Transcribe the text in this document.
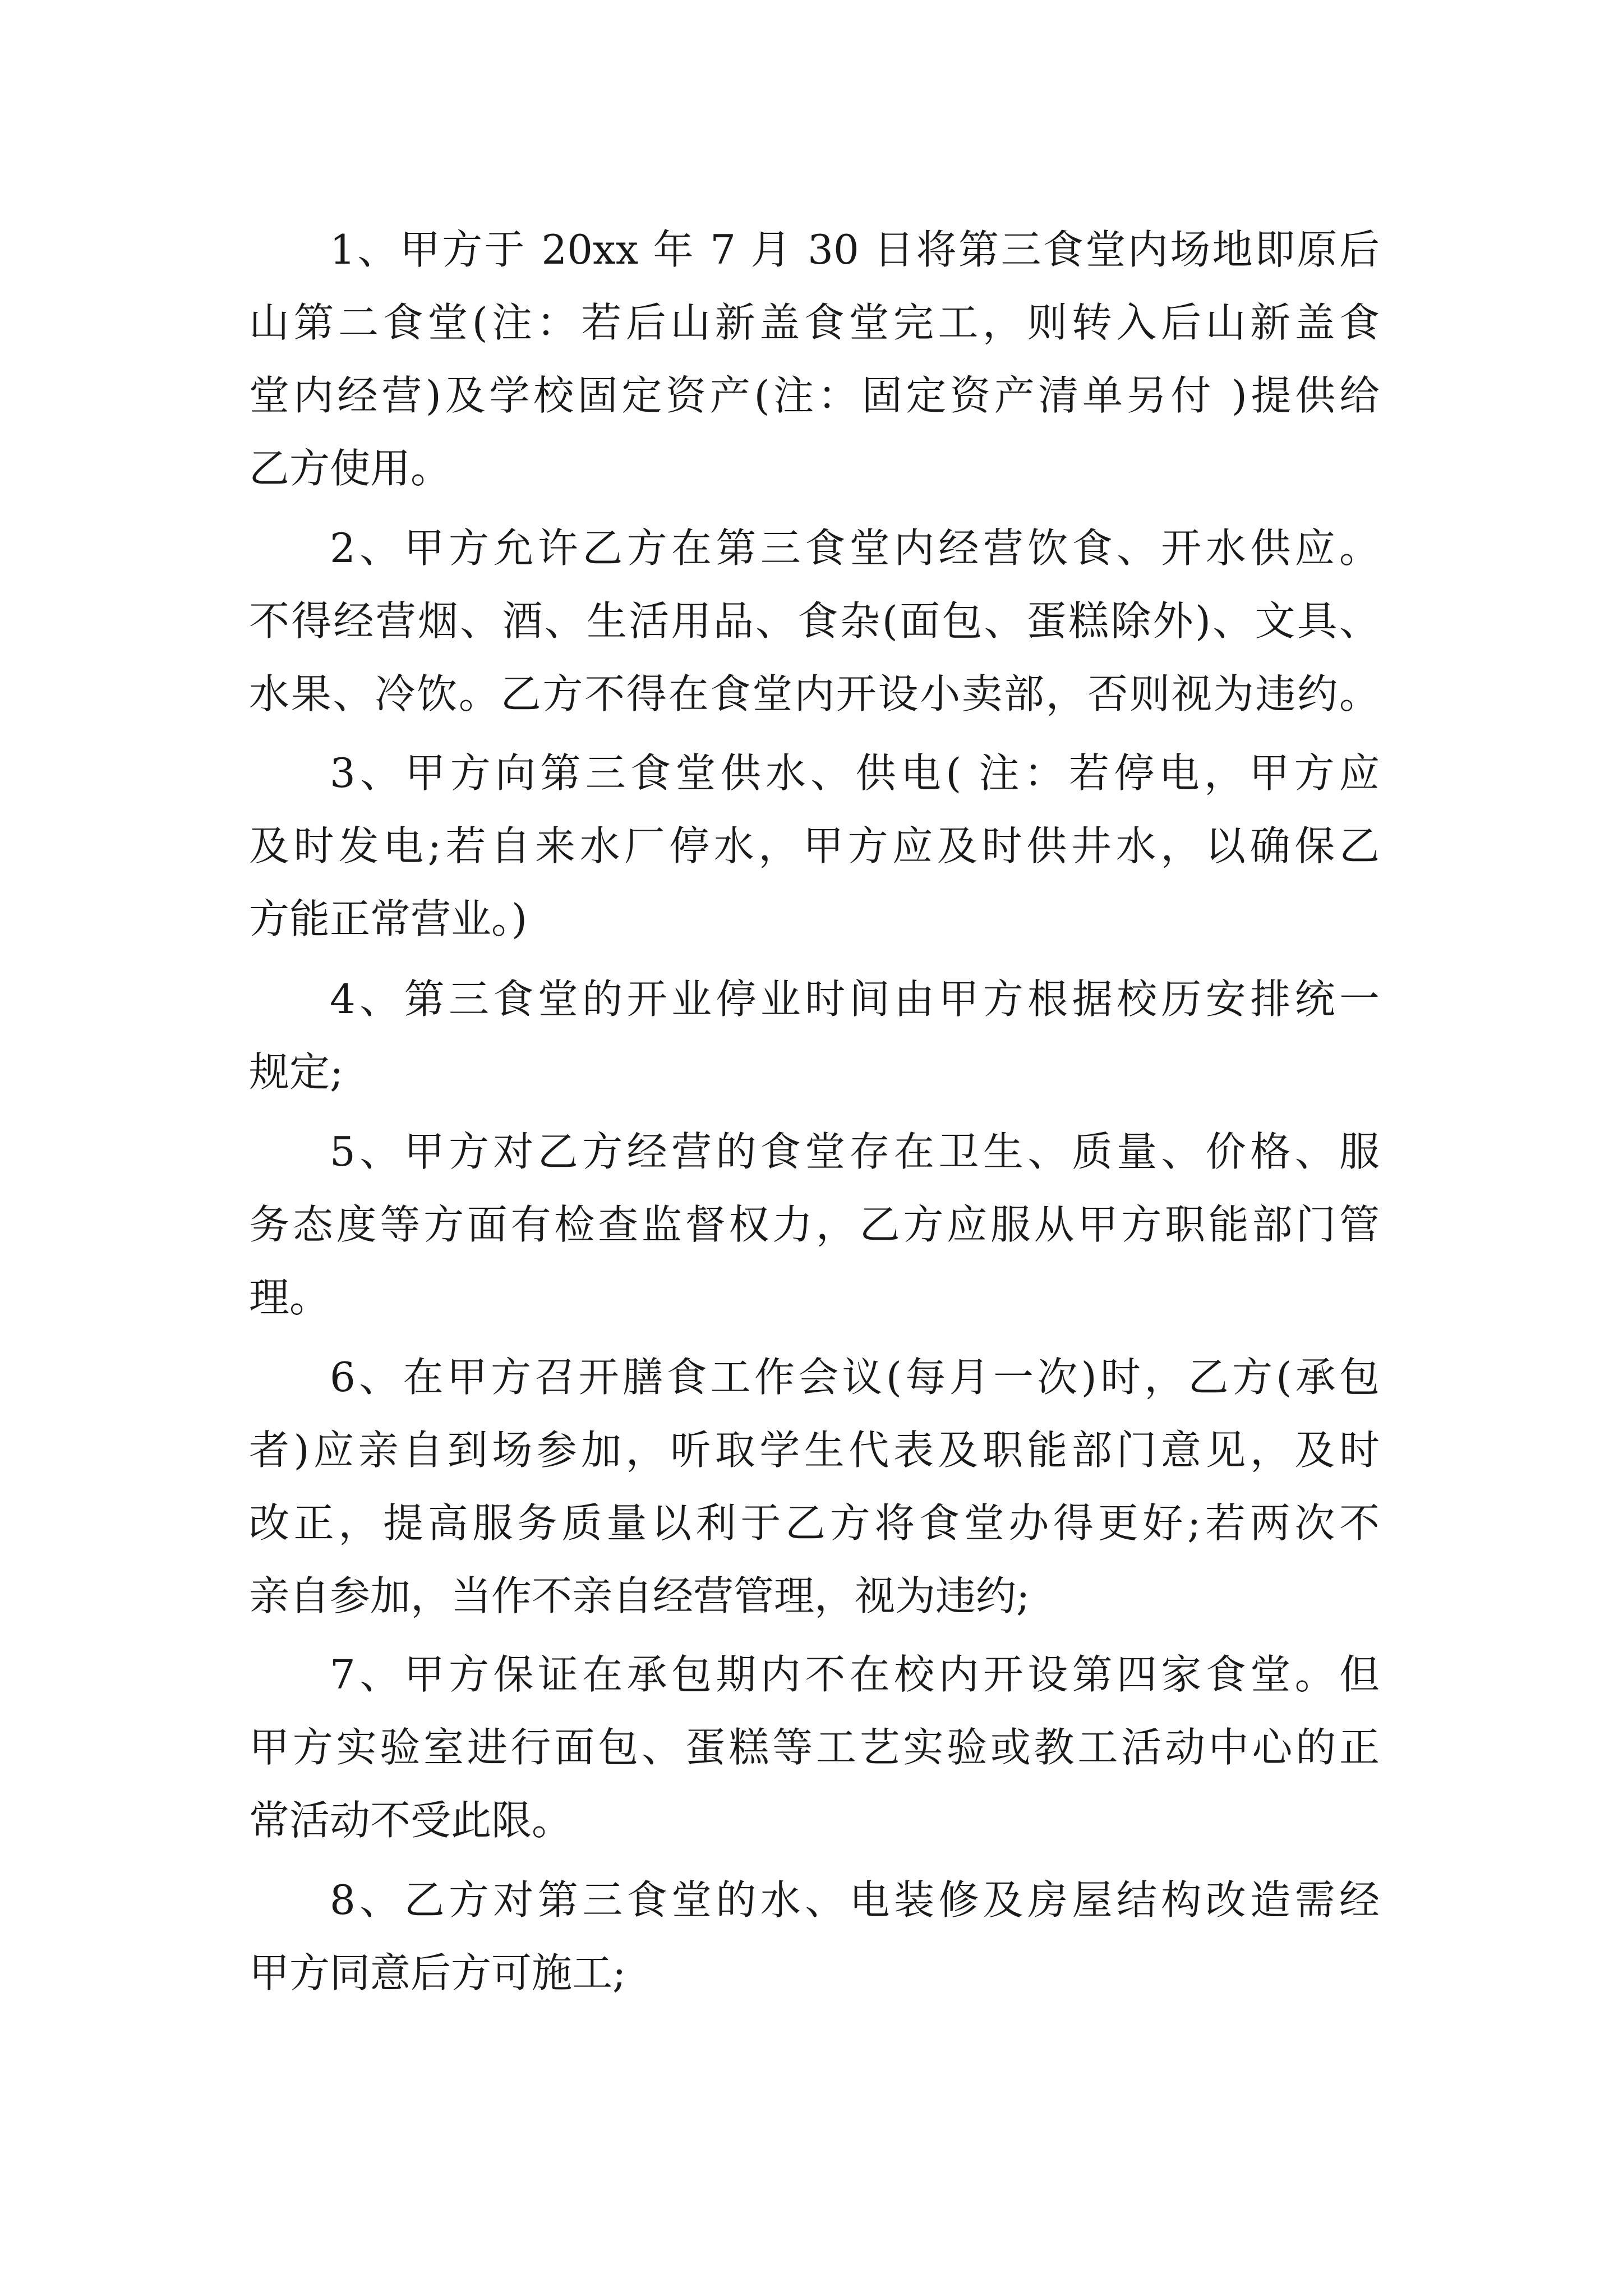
1、甲方于 20xx 年 7 月 30 日将第三食堂内场地即原后
山第二食堂(注：若后山新盖食堂完工，则转入后山新盖食
堂内经营)及学校固定资产(注：固定资产清单另付 )提供给
乙方使用。
2、甲方允许乙方在第三食堂内经营饮食、开水供应。
不得经营烟、酒、生活用品、食杂(面包、蛋糕除外)、文具、
水果、冷饮。乙方不得在食堂内开设小卖部，否则视为违约。
3、甲方向第三食堂供水、供电( 注：若停电，甲方应
及时发电;若自来水厂停水，甲方应及时供井水，以确保乙
方能正常营业。)
4、第三食堂的开业停业时间由甲方根据校历安排统一
规定;
5、甲方对乙方经营的食堂存在卫生、质量、价格、服
务态度等方面有检查监督权力，乙方应服从甲方职能部门管
理。
6、在甲方召开膳食工作会议(每月一次)时，乙方(承包
者)应亲自到场参加，听取学生代表及职能部门意见，及时
改正，提高服务质量以利于乙方将食堂办得更好;若两次不
亲自参加，当作不亲自经营管理，视为违约;
7、甲方保证在承包期内不在校内开设第四家食堂。但
甲方实验室进行面包、蛋糕等工艺实验或教工活动中心的正
常活动不受此限。
8、乙方对第三食堂的水、电装修及房屋结构改造需经
甲方同意后方可施工;
